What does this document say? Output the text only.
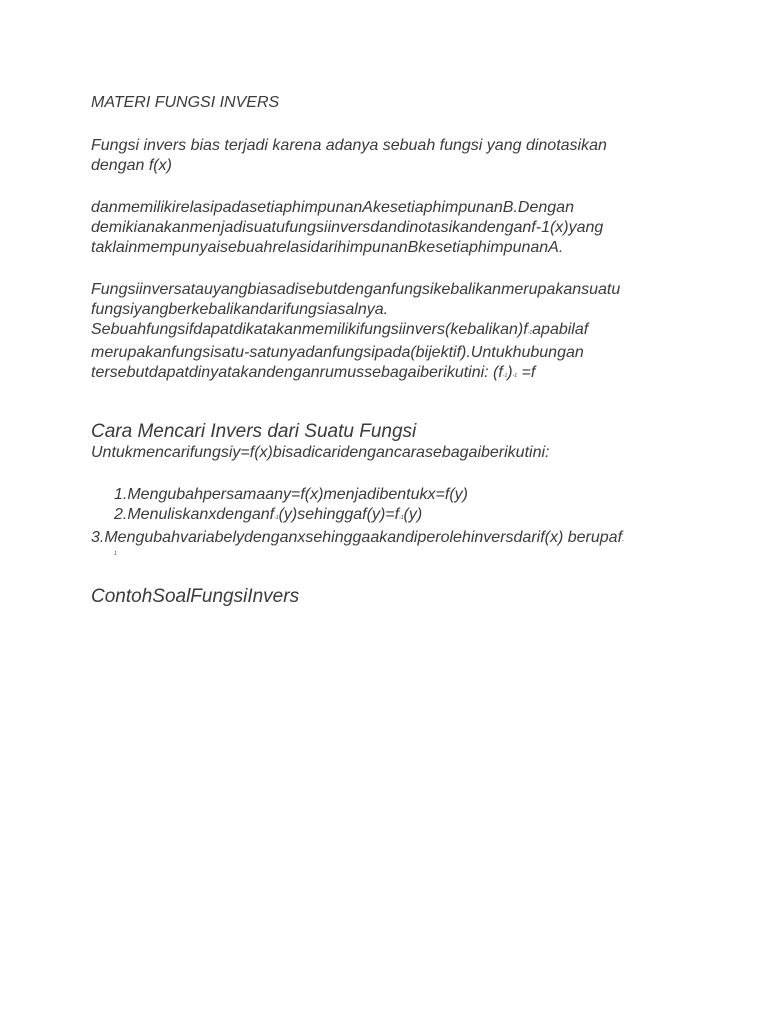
MATERI FUNGSI INVERS
Fungsi invers bias terjadi karena adanya sebuah fungsi yang dinotasikan
dengan f(x)
danmemilikirelasipadasetiaphimpunanAkesetiaphimpunanB.Dengan
demikianakanmenjadisuatufungsiinversdandinotasikandenganf-1(x)yang
taklainmempunyaisebuahrelasidarihimpunanBkesetiaphimpunanA.
Fungsiinversatauyangbiasadisebutdenganfungsikebalikanmerupakansuatu
fungsiyangberkebalikandarifungsiasalnya.
Sebuahfungsifdapatdikatakanmemilikifungsiinvers(kebalikan)f-1apabilaf
merupakanfungsisatu-satunyadanfungsipada(bijektif).Untukhubungan
tersebutdapatdinyatakandenganrumussebagaiberikutini: (f-1)-1 =f
Cara Mencari Invers dari Suatu Fungsi
Untukmencarifungsiy=f(x)bisadicaridengancarasebagaiberikutini:
1.Mengubahpersamaany=f(x)menjadibentukx=f(y)
2.Menuliskanxdenganf-1(y)sehinggaf(y)=f-1(y)
3.Mengubahvariabelydenganxsehinggaakandiperolehinversdarif(x) berupaf-
1
ContohSoalFungsiInvers
